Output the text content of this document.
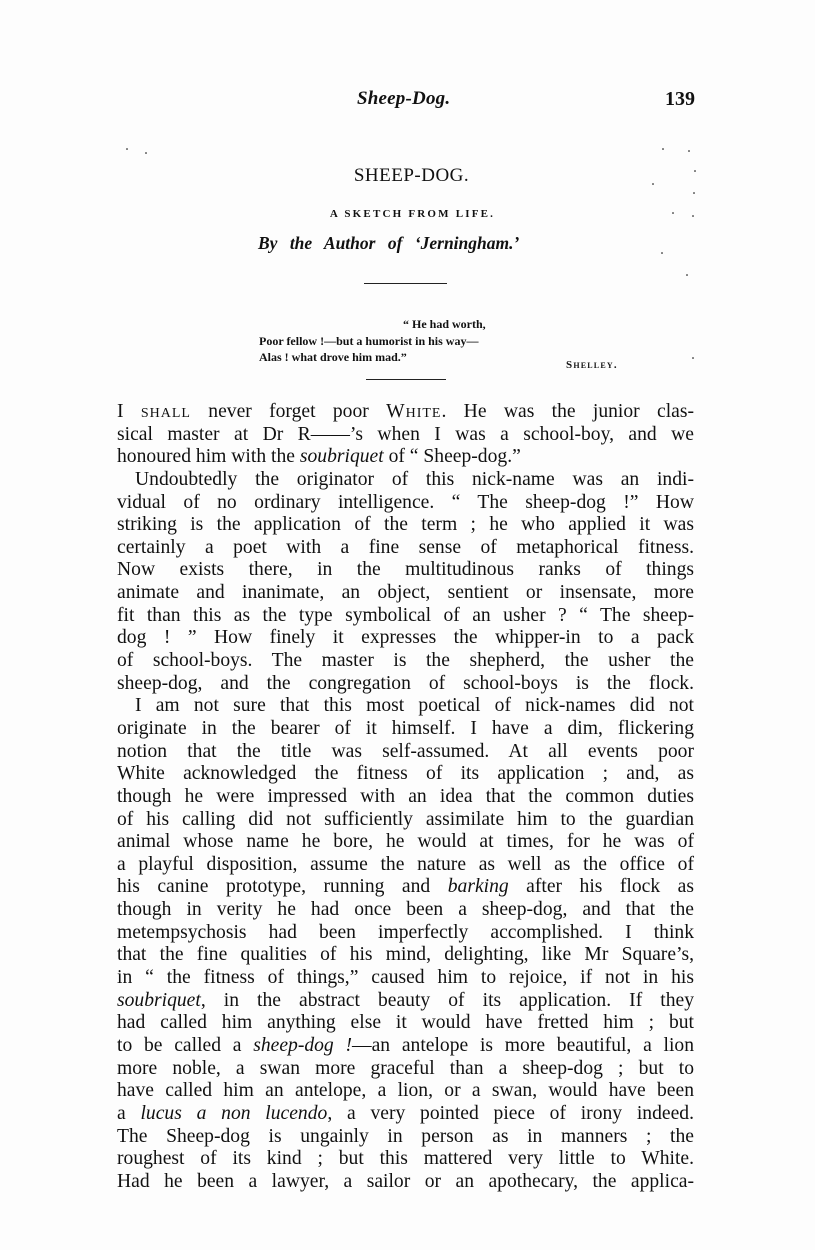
Sheep-Dog.	139
SHEEP-DOG.
A SKETCH FROM LIFE.
By the Author of ‘Jerningham.’
“ He had worth,
Poor fellow !—but a humorist in his way—
Alas ! what drove him mad.”
Shelley.
I shall never forget poor White. He was the junior clas-
sical master at Dr R——’s when I was a school-boy, and we
honoured him with the soubriquet of “ Sheep-dog.”
Undoubtedly the originator of this nick-name was an indi-
vidual of no ordinary intelligence. “ The sheep-dog !” How
striking is the application of the term ; he who applied it was
certainly a poet with a fine sense of metaphorical fitness.
Now exists there, in the multitudinous ranks of things
animate and inanimate, an object, sentient or insensate, more
fit than this as the type symbolical of an usher ? “ The sheep-
dog ! ” How finely it expresses the whipper-in to a pack
of school-boys. The master is the shepherd, the usher the
sheep-dog, and the congregation of school-boys is the flock.
I am not sure that this most poetical of nick-names did not
originate in the bearer of it himself. I have a dim, flickering
notion that the title was self-assumed. At all events poor
White acknowledged the fitness of its application ; and, as
though he were impressed with an idea that the common duties
of his calling did not sufficiently assimilate him to the guardian
animal whose name he bore, he would at times, for he was of
a playful disposition, assume the nature as well as the office of
his canine prototype, running and barking after his flock as
though in verity he had once been a sheep-dog, and that the
metempsychosis had been imperfectly accomplished. I think
that the fine qualities of his mind, delighting, like Mr Square’s,
in “ the fitness of things,” caused him to rejoice, if not in his
soubriquet, in the abstract beauty of its application. If they
had called him anything else it would have fretted him ; but
to be called a sheep-dog !—an antelope is more beautiful, a lion
more noble, a swan more graceful than a sheep-dog ; but to
have called him an antelope, a lion, or a swan, would have been
a lucus a non lucendo, a very pointed piece of irony indeed.
The Sheep-dog is ungainly in person as in manners ; the
roughest of its kind ; but this mattered very little to White.
Had he been a lawyer, a sailor or an apothecary, the applica-
